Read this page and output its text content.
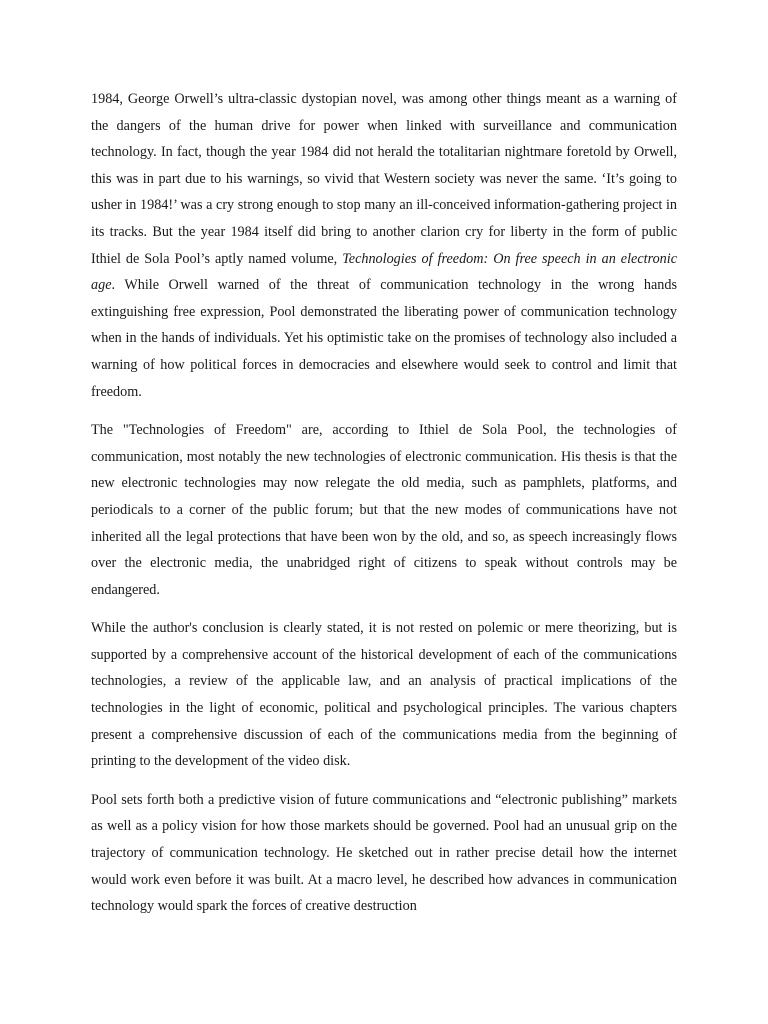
1984, George Orwell’s ultra-classic dystopian novel, was among other things meant as a warning of the dangers of the human drive for power when linked with surveillance and communication technology. In fact, though the year 1984 did not herald the totalitarian nightmare foretold by Orwell, this was in part due to his warnings, so vivid that Western society was never the same. ‘It’s going to usher in 1984!’ was a cry strong enough to stop many an ill-conceived information-gathering project in its tracks. But the year 1984 itself did bring to another clarion cry for liberty in the form of public Ithiel de Sola Pool’s aptly named volume, Technologies of freedom: On free speech in an electronic age. While Orwell warned of the threat of communication technology in the wrong hands extinguishing free expression, Pool demonstrated the liberating power of communication technology when in the hands of individuals. Yet his optimistic take on the promises of technology also included a warning of how political forces in democracies and elsewhere would seek to control and limit that freedom.

The "Technologies of Freedom" are, according to Ithiel de Sola Pool, the technologies of communication, most notably the new technologies of electronic communication. His thesis is that the new electronic technologies may now relegate the old media, such as pamphlets, platforms, and periodicals to a corner of the public forum; but that the new modes of communications have not inherited all the legal protections that have been won by the old, and so, as speech increasingly flows over the electronic media, the unabridged right of citizens to speak without controls may be endangered.

While the author's conclusion is clearly stated, it is not rested on polemic or mere theorizing, but is supported by a comprehensive account of the historical development of each of the communications technologies, a review of the applicable law, and an analysis of practical implications of the technologies in the light of economic, political and psychological principles. The various chapters present a comprehensive discussion of each of the communications media from the beginning of printing to the development of the video disk.

Pool sets forth both a predictive vision of future communications and “electronic publishing” markets as well as a policy vision for how those markets should be governed. Pool had an unusual grip on the trajectory of communication technology. He sketched out in rather precise detail how the internet would work even before it was built. At a macro level, he described how advances in communication technology would spark the forces of creative destruction
